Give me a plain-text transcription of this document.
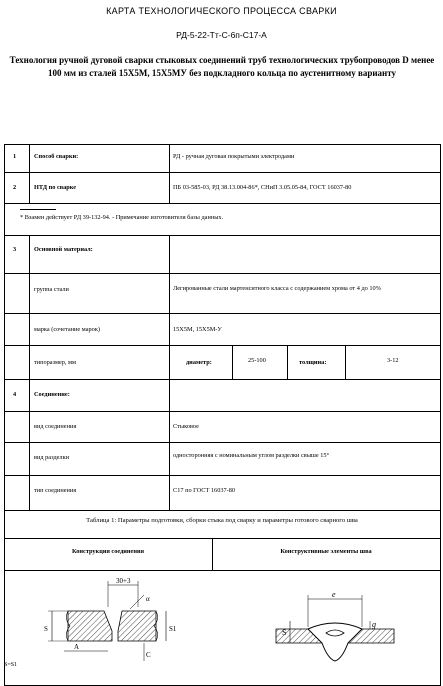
КАРТА ТЕХНОЛОГИЧЕСКОГО ПРОЦЕССА СВАРКИ
РД-5-22-Тт-С-6п-С17-А
Технология ручной дуговой сварки стыковых соединений труб технологических трубопроводов D менее 100 мм из сталей 15Х5М, 15Х5МУ без подкладного кольца по аустенитному варианту
1	Способ сварки:	РД - ручная дуговая покрытыми электродами
2	НТД по сварке	ПБ 03-585-03, РД 38.13.004-86*, СНиП 3.05.05-84, ГОСТ 16037-80
* Взамен действует РД 39-132-94. - Примечание изготовителя базы данных.
3	Основной материал:
группа стали	Легированные стали мартенситного класса с содержанием хрома от 4 до 10%
марка (сочетание марок)	15Х5М, 15Х5М-У
типоразмер, мм	диаметр:	25-100	толщина:	3-12
4	Соединение:
вид соединения	Стыковое
вид разделки	односторонняя с номинальным углом разделки свыше 15°
тип соединения	С17 по ГОСТ 16037-80
Таблица 1: Параметры подготовки, сборки стыка под сварку и параметры готового сварного шва
Конструкция соединения	Конструктивные элементы шва
30+3
S	S1
α
A
C
S=S1
e
S
g
